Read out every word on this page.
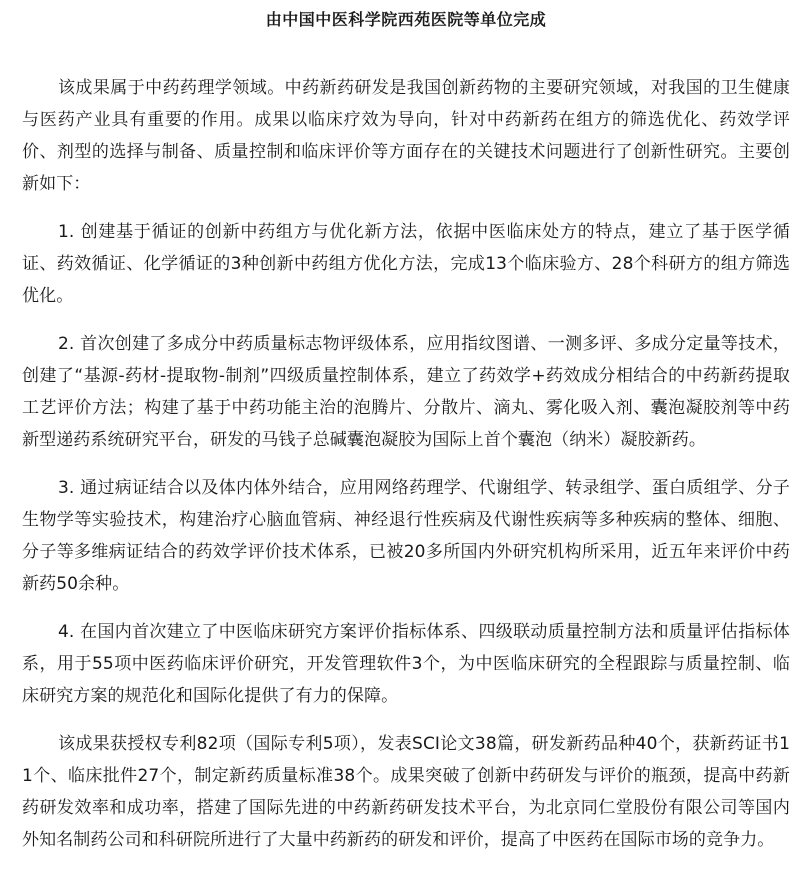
由中国中医科学院西苑医院等单位完成

该成果属于中药药理学领域。中药新药研发是我国创新药物的主要研究领域，对我国的卫生健康与医药产业具有重要的作用。成果以临床疗效为导向，针对中药新药在组方的筛选优化、药效学评价、剂型的选择与制备、质量控制和临床评价等方面存在的关键技术问题进行了创新性研究。主要创新如下：

1. 创建基于循证的创新中药组方与优化新方法，依据中医临床处方的特点，建立了基于医学循证、药效循证、化学循证的3种创新中药组方优化方法，完成13个临床验方、28个科研方的组方筛选优化。

2. 首次创建了多成分中药质量标志物评级体系，应用指纹图谱、一测多评、多成分定量等技术，创建了“基源-药材-提取物-制剂”四级质量控制体系，建立了药效学+药效成分相结合的中药新药提取工艺评价方法；构建了基于中药功能主治的泡腾片、分散片、滴丸、雾化吸入剂、囊泡凝胶剂等中药新型递药系统研究平台，研发的马钱子总碱囊泡凝胶为国际上首个囊泡（纳米）凝胶新药。

3. 通过病证结合以及体内体外结合，应用网络药理学、代谢组学、转录组学、蛋白质组学、分子生物学等实验技术，构建治疗心脑血管病、神经退行性疾病及代谢性疾病等多种疾病的整体、细胞、分子等多维病证结合的药效学评价技术体系，已被20多所国内外研究机构所采用，近五年来评价中药新药50余种。

4. 在国内首次建立了中医临床研究方案评价指标体系、四级联动质量控制方法和质量评估指标体系，用于55项中医药临床评价研究，开发管理软件3个，为中医临床研究的全程跟踪与质量控制、临床研究方案的规范化和国际化提供了有力的保障。

该成果获授权专利82项（国际专利5项），发表SCI论文38篇，研发新药品种40个，获新药证书11个、临床批件27个，制定新药质量标准38个。成果突破了创新中药研发与评价的瓶颈，提高中药新药研发效率和成功率，搭建了国际先进的中药新药研发技术平台，为北京同仁堂股份有限公司等国内外知名制药公司和科研院所进行了大量中药新药的研发和评价，提高了中医药在国际市场的竞争力。
